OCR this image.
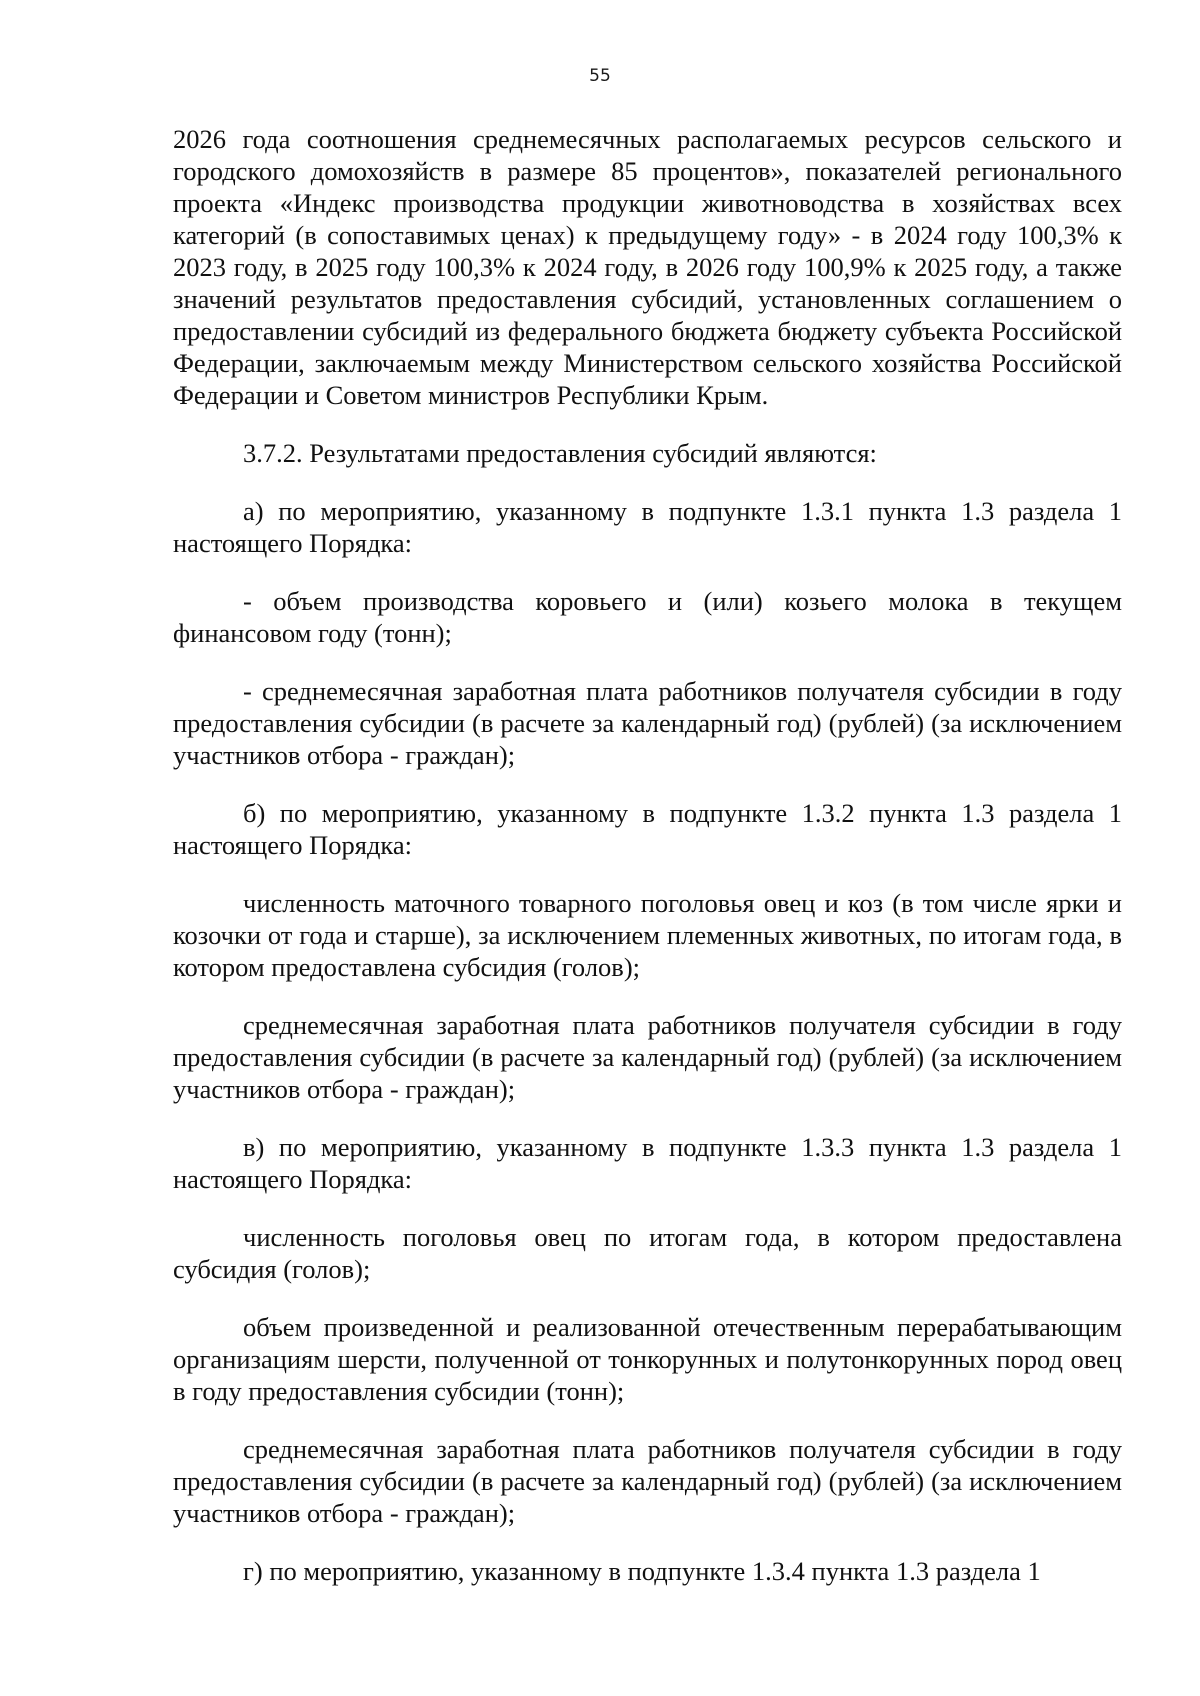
55

2026 года соотношения среднемесячных располагаемых ресурсов сельского и городского домохозяйств в размере 85 процентов», показателей регионального проекта «Индекс производства продукции животноводства в хозяйствах всех категорий (в сопоставимых ценах) к предыдущему году» - в 2024 году 100,3% к 2023 году, в 2025 году 100,3% к 2024 году, в 2026 году 100,9% к 2025 году, а также значений результатов предоставления субсидий, установленных соглашением о предоставлении субсидий из федерального бюджета бюджету субъекта Российской Федерации, заключаемым между Министерством сельского хозяйства Российской Федерации и Советом министров Республики Крым.

3.7.2. Результатами предоставления субсидий являются:

а) по мероприятию, указанному в подпункте 1.3.1 пункта 1.3 раздела 1 настоящего Порядка:

- объем производства коровьего и (или) козьего молока в текущем финансовом году (тонн);

- среднемесячная заработная плата работников получателя субсидии в году предоставления субсидии (в расчете за календарный год) (рублей) (за исключением участников отбора - граждан);

б) по мероприятию, указанному в подпункте 1.3.2 пункта 1.3 раздела 1 настоящего Порядка:

численность маточного товарного поголовья овец и коз (в том числе ярки и козочки от года и старше), за исключением племенных животных, по итогам года, в котором предоставлена субсидия (голов);

среднемесячная заработная плата работников получателя субсидии в году предоставления субсидии (в расчете за календарный год) (рублей) (за исключением участников отбора - граждан);

в) по мероприятию, указанному в подпункте 1.3.3 пункта 1.3 раздела 1 настоящего Порядка:

численность поголовья овец по итогам года, в котором предоставлена субсидия (голов);

объем произведенной и реализованной отечественным перерабатывающим организациям шерсти, полученной от тонкорунных и полутонкорунных пород овец в году предоставления субсидии (тонн);

среднемесячная заработная плата работников получателя субсидии в году предоставления субсидии (в расчете за календарный год) (рублей) (за исключением участников отбора - граждан);

г) по мероприятию, указанному в подпункте 1.3.4 пункта 1.3 раздела 1
